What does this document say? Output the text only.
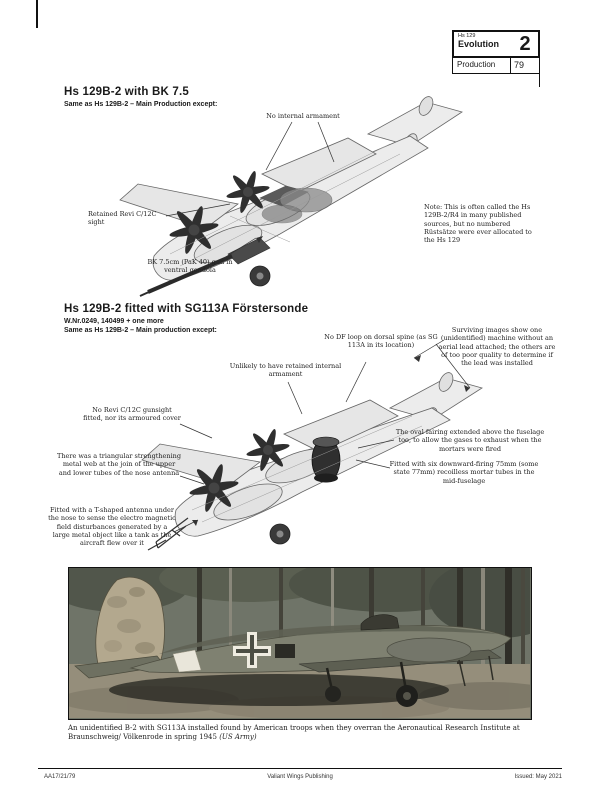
Hs 129
Evolution	2
Production	79
Hs 129B-2 with BK 7.5
Same as Hs 129B-2 – Main Production except:
No internal armament
Retained Revi C/12C sight
BK 7.5cm (PaK 40) gun in ventral gondola
Note: This is often called the Hs 129B-2/R4 in many published sources, but no numbered Rüstsätze were ever allocated to the Hs 129
Hs 129B-2 fitted with SG113A Förstersonde
W.Nr.0249, 140499 + one more
Same as Hs 129B-2 – Main production except:
No DF loop on dorsal spine (as SG 113A in its location)
Unlikely to have retained internal armament
Surviving images show one (unidentified) machine without an aerial lead attached; the others are of too poor quality to determine if the lead was installed
No Revi C/12C gunsight fitted, nor its armoured cover
There was a triangular strengthening metal web at the join of the upper and lower tubes of the nose antenna
Fitted with a T-shaped antenna under the nose to sense the electro magnetic field disturbances generated by a large metal object like a tank as the aircraft flew over it
The oval fairing extended above the fuselage too, to allow the gases to exhaust when the mortars were fired
Fitted with six downward-firing 75mm (some state 77mm) recoilless mortar tubes in the mid-fuselage
An unidentified B-2 with SG113A installed found by American troops when they overran the Aeronautical Research Institute at Braunschweig/ Völkenrode in spring 1945 (US Army)
AA17/21/79	Valiant Wings Publishing	Issued: May 2021
